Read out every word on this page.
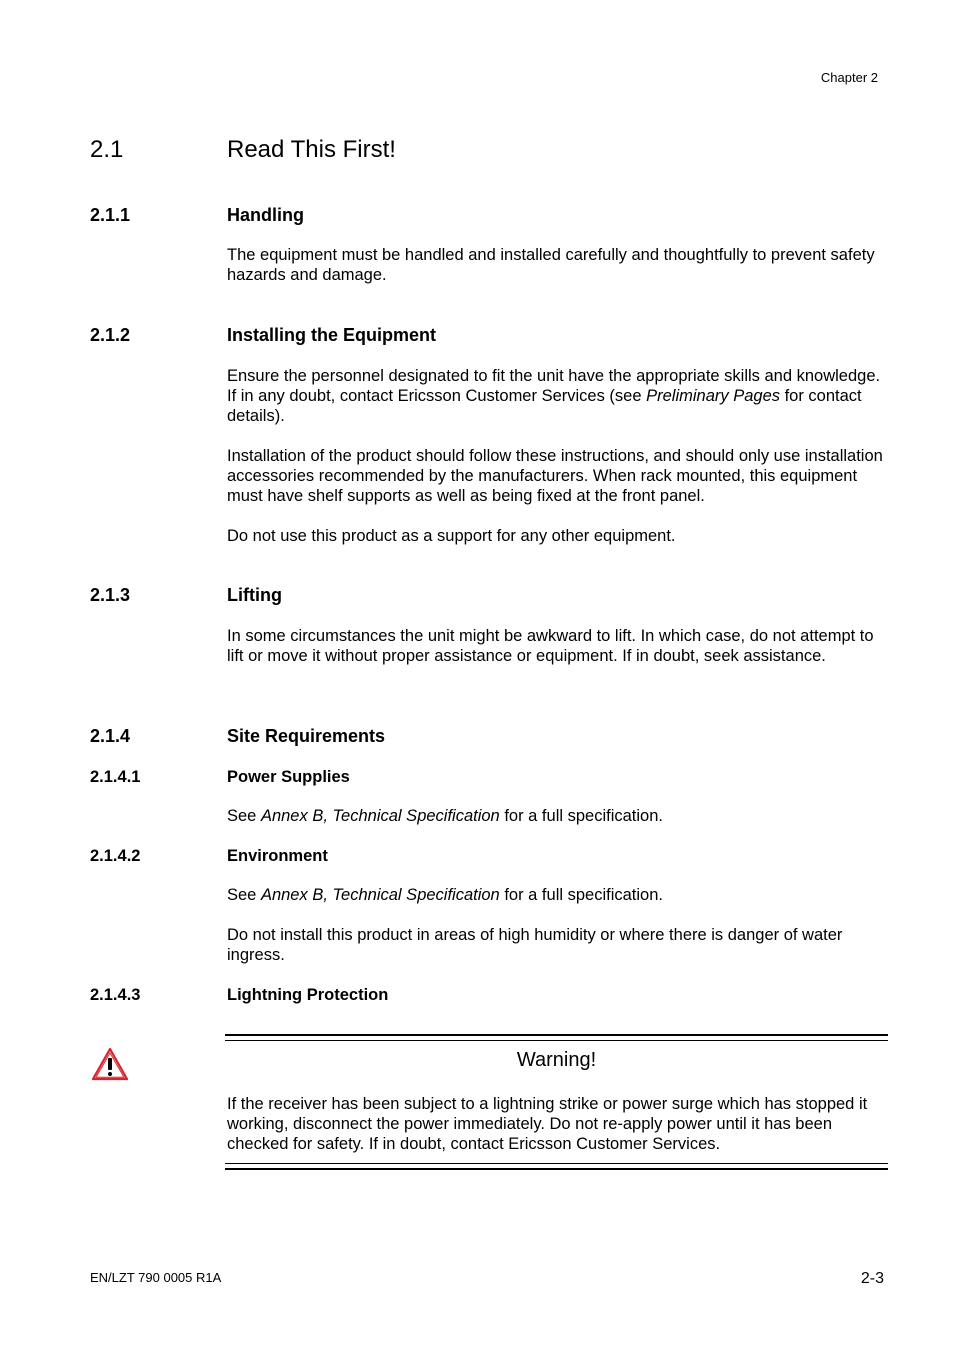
Chapter 2
2.1	Read This First!
2.1.1	Handling
The equipment must be handled and installed carefully and thoughtfully to prevent safety hazards and damage.
2.1.2	Installing the Equipment
Ensure the personnel designated to fit the unit have the appropriate skills and knowledge. If in any doubt, contact Ericsson Customer Services (see Preliminary Pages for contact details).
Installation of the product should follow these instructions, and should only use installation accessories recommended by the manufacturers. When rack mounted, this equipment must have shelf supports as well as being fixed at the front panel.
Do not use this product as a support for any other equipment.
2.1.3	Lifting
In some circumstances the unit might be awkward to lift. In which case, do not attempt to lift or move it without proper assistance or equipment. If in doubt, seek assistance.
2.1.4	Site Requirements
2.1.4.1	Power Supplies
See Annex B, Technical Specification for a full specification.
2.1.4.2	Environment
See Annex B, Technical Specification for a full specification.
Do not install this product in areas of high humidity or where there is danger of water ingress.
2.1.4.3	Lightning Protection
Warning!
If the receiver has been subject to a lightning strike or power surge which has stopped it working, disconnect the power immediately. Do not re-apply power until it has been checked for safety. If in doubt, contact Ericsson Customer Services.
EN/LZT 790 0005 R1A	2-3
